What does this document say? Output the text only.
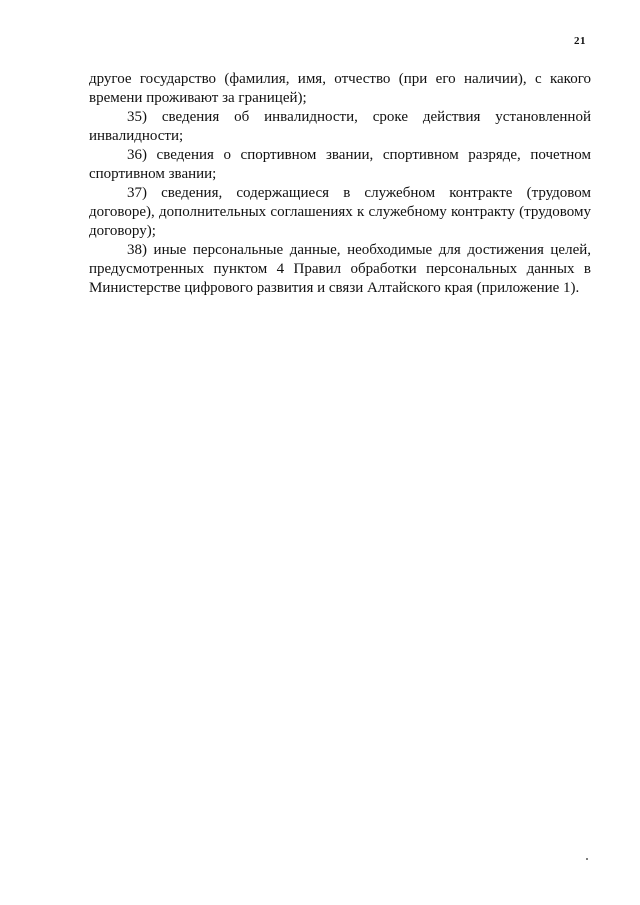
21

другое государство (фамилия, имя, отчество (при его наличии), с какого времени проживают за границей);

35) сведения об инвалидности, сроке действия установленной инвалидности;

36) сведения о спортивном звании, спортивном разряде, почетном спортивном звании;

37) сведения, содержащиеся в служебном контракте (трудовом договоре), дополнительных соглашениях к служебному контракту (трудовому договору);

38) иные персональные данные, необходимые для достижения целей, предусмотренных пунктом 4 Правил обработки персональных данных в Министерстве цифрового развития и связи Алтайского края (приложение 1).
